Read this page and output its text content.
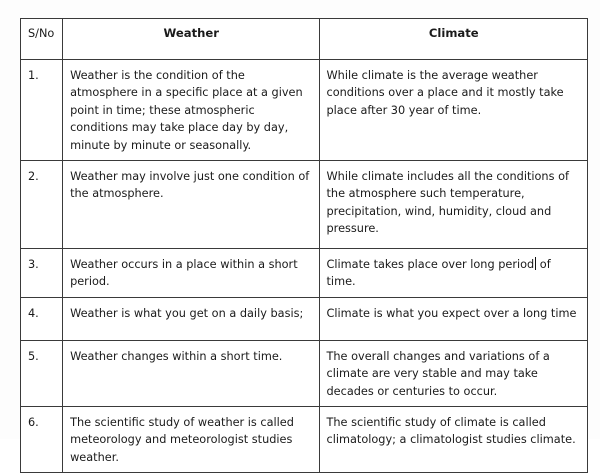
S/No	Weather	Climate
1.	Weather is the condition of the atmosphere in a specific place at a given point in time; these atmospheric conditions may take place day by day, minute by minute or seasonally.	While climate is the average weather conditions over a place and it mostly take place after 30 year of time.

2.	Weather may involve just one condition of the atmosphere.	While climate includes all the conditions of the atmosphere such temperature, precipitation, wind, humidity, cloud and pressure.

3.	Weather occurs in a place within a short period.	Climate takes place over long period of time.

4.	Weather is what you get on a daily basis;	Climate is what you expect over a long time

5.	Weather changes within a short time.	The overall changes and variations of a climate are very stable and may take decades or centuries to occur.

6.	The scientific study of weather is called meteorology and meteorologist studies weather.	The scientific study of climate is called climatology; a climatologist studies climate.
